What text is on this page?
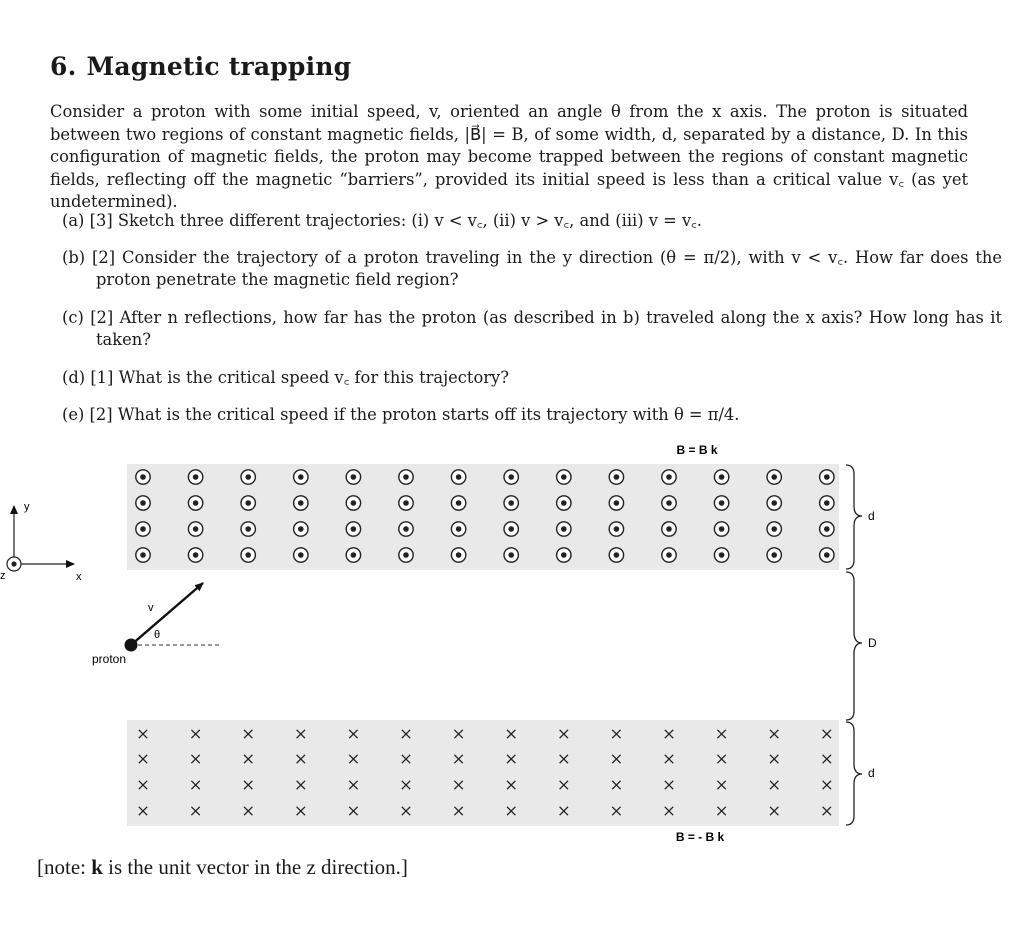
6. Magnetic trapping
Consider a proton with some initial speed, v, oriented an angle θ from the x axis. The proton is situated between two regions of constant magnetic fields, |B⃗| = B, of some width, d, separated by a distance, D. In this configuration of magnetic fields, the proton may become trapped between the regions of constant magnetic fields, reflecting off the magnetic “barriers”, provided its initial speed is less than a critical value v꜀ (as yet undetermined).
(a) [3] Sketch three different trajectories: (i) v < v꜀, (ii) v > v꜀, and (iii) v = v꜀.
(b) [2] Consider the trajectory of a proton traveling in the y direction (θ = π/2), with v < v꜀. How far does the proton penetrate the magnetic field region?
(c) [2] After n reflections, how far has the proton (as described in b) traveled along the x axis? How long has it taken?
(d) [1] What is the critical speed v꜀ for this trajectory?
(e) [2] What is the critical speed if the proton starts off its trajectory with θ = π/4.
B = B k
B = - B k
d
D
d
y
x
z
v
θ
proton
[note: k is the unit vector in the z direction.]
